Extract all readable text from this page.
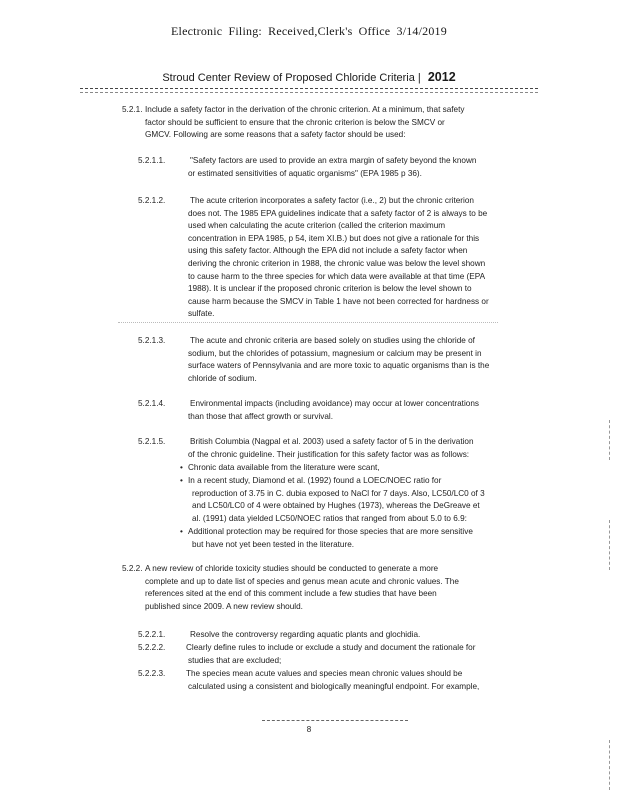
Electronic Filing: Received,Clerk's Office 3/14/2019
Stroud Center Review of Proposed Chloride Criteria | 2012
5.2.1. Include a safety factor in the derivation of the chronic criterion. At a minimum, that safety
factor should be sufficient to ensure that the chronic criterion is below the SMCV or
GMCV. Following are some reasons that a safety factor should be used:
5.2.1.1.	"Safety factors are used to provide an extra margin of safety beyond the known
or estimated sensitivities of aquatic organisms" (EPA 1985 p 36).
5.2.1.2.	The acute criterion incorporates a safety factor (i.e., 2) but the chronic criterion
does not. The 1985 EPA guidelines indicate that a safety factor of 2 is always to be
used when calculating the acute criterion (called the criterion maximum
concentration in EPA 1985, p 54, item XI.B.) but does not give a rationale for this
using this safety factor. Although the EPA did not include a safety factor when
deriving the chronic criterion in 1988, the chronic value was below the level shown
to cause harm to the three species for which data were available at that time (EPA
1988). It is unclear if the proposed chronic criterion is below the level shown to
cause harm because the SMCV in Table 1 have not been corrected for hardness or
sulfate.
5.2.1.3.	The acute and chronic criteria are based solely on studies using the chloride of
sodium, but the chlorides of potassium, magnesium or calcium may be present in
surface waters of Pennsylvania and are more toxic to aquatic organisms than is the
chloride of sodium.
5.2.1.4.	Environmental impacts (including avoidance) may occur at lower concentrations
than those that affect growth or survival.
5.2.1.5.	British Columbia (Nagpal et al. 2003) used a safety factor of 5 in the derivation
of the chronic guideline. Their justification for this safety factor was as follows:
• Chronic data available from the literature were scant,
• In a recent study, Diamond et al. (1992) found a LOEC/NOEC ratio for
reproduction of 3.75 in C. dubia exposed to NaCl for 7 days. Also, LC50/LC0 of 3
and LC50/LC0 of 4 were obtained by Hughes (1973), whereas the DeGreave et
al. (1991) data yielded LC50/NOEC ratios that ranged from about 5.0 to 6.9:
• Additional protection may be required for those species that are more sensitive
but have not yet been tested in the literature.
5.2.2. A new review of chloride toxicity studies should be conducted to generate a more
complete and up to date list of species and genus mean acute and chronic values. The
references sited at the end of this comment include a few studies that have been
published since 2009. A new review should.
5.2.2.1.	Resolve the controversy regarding aquatic plants and glochidia.
5.2.2.2.	Clearly define rules to include or exclude a study and document the rationale for
studies that are excluded;
5.2.2.3.	The species mean acute values and species mean chronic values should be
calculated using a consistent and biologically meaningful endpoint. For example,
8
